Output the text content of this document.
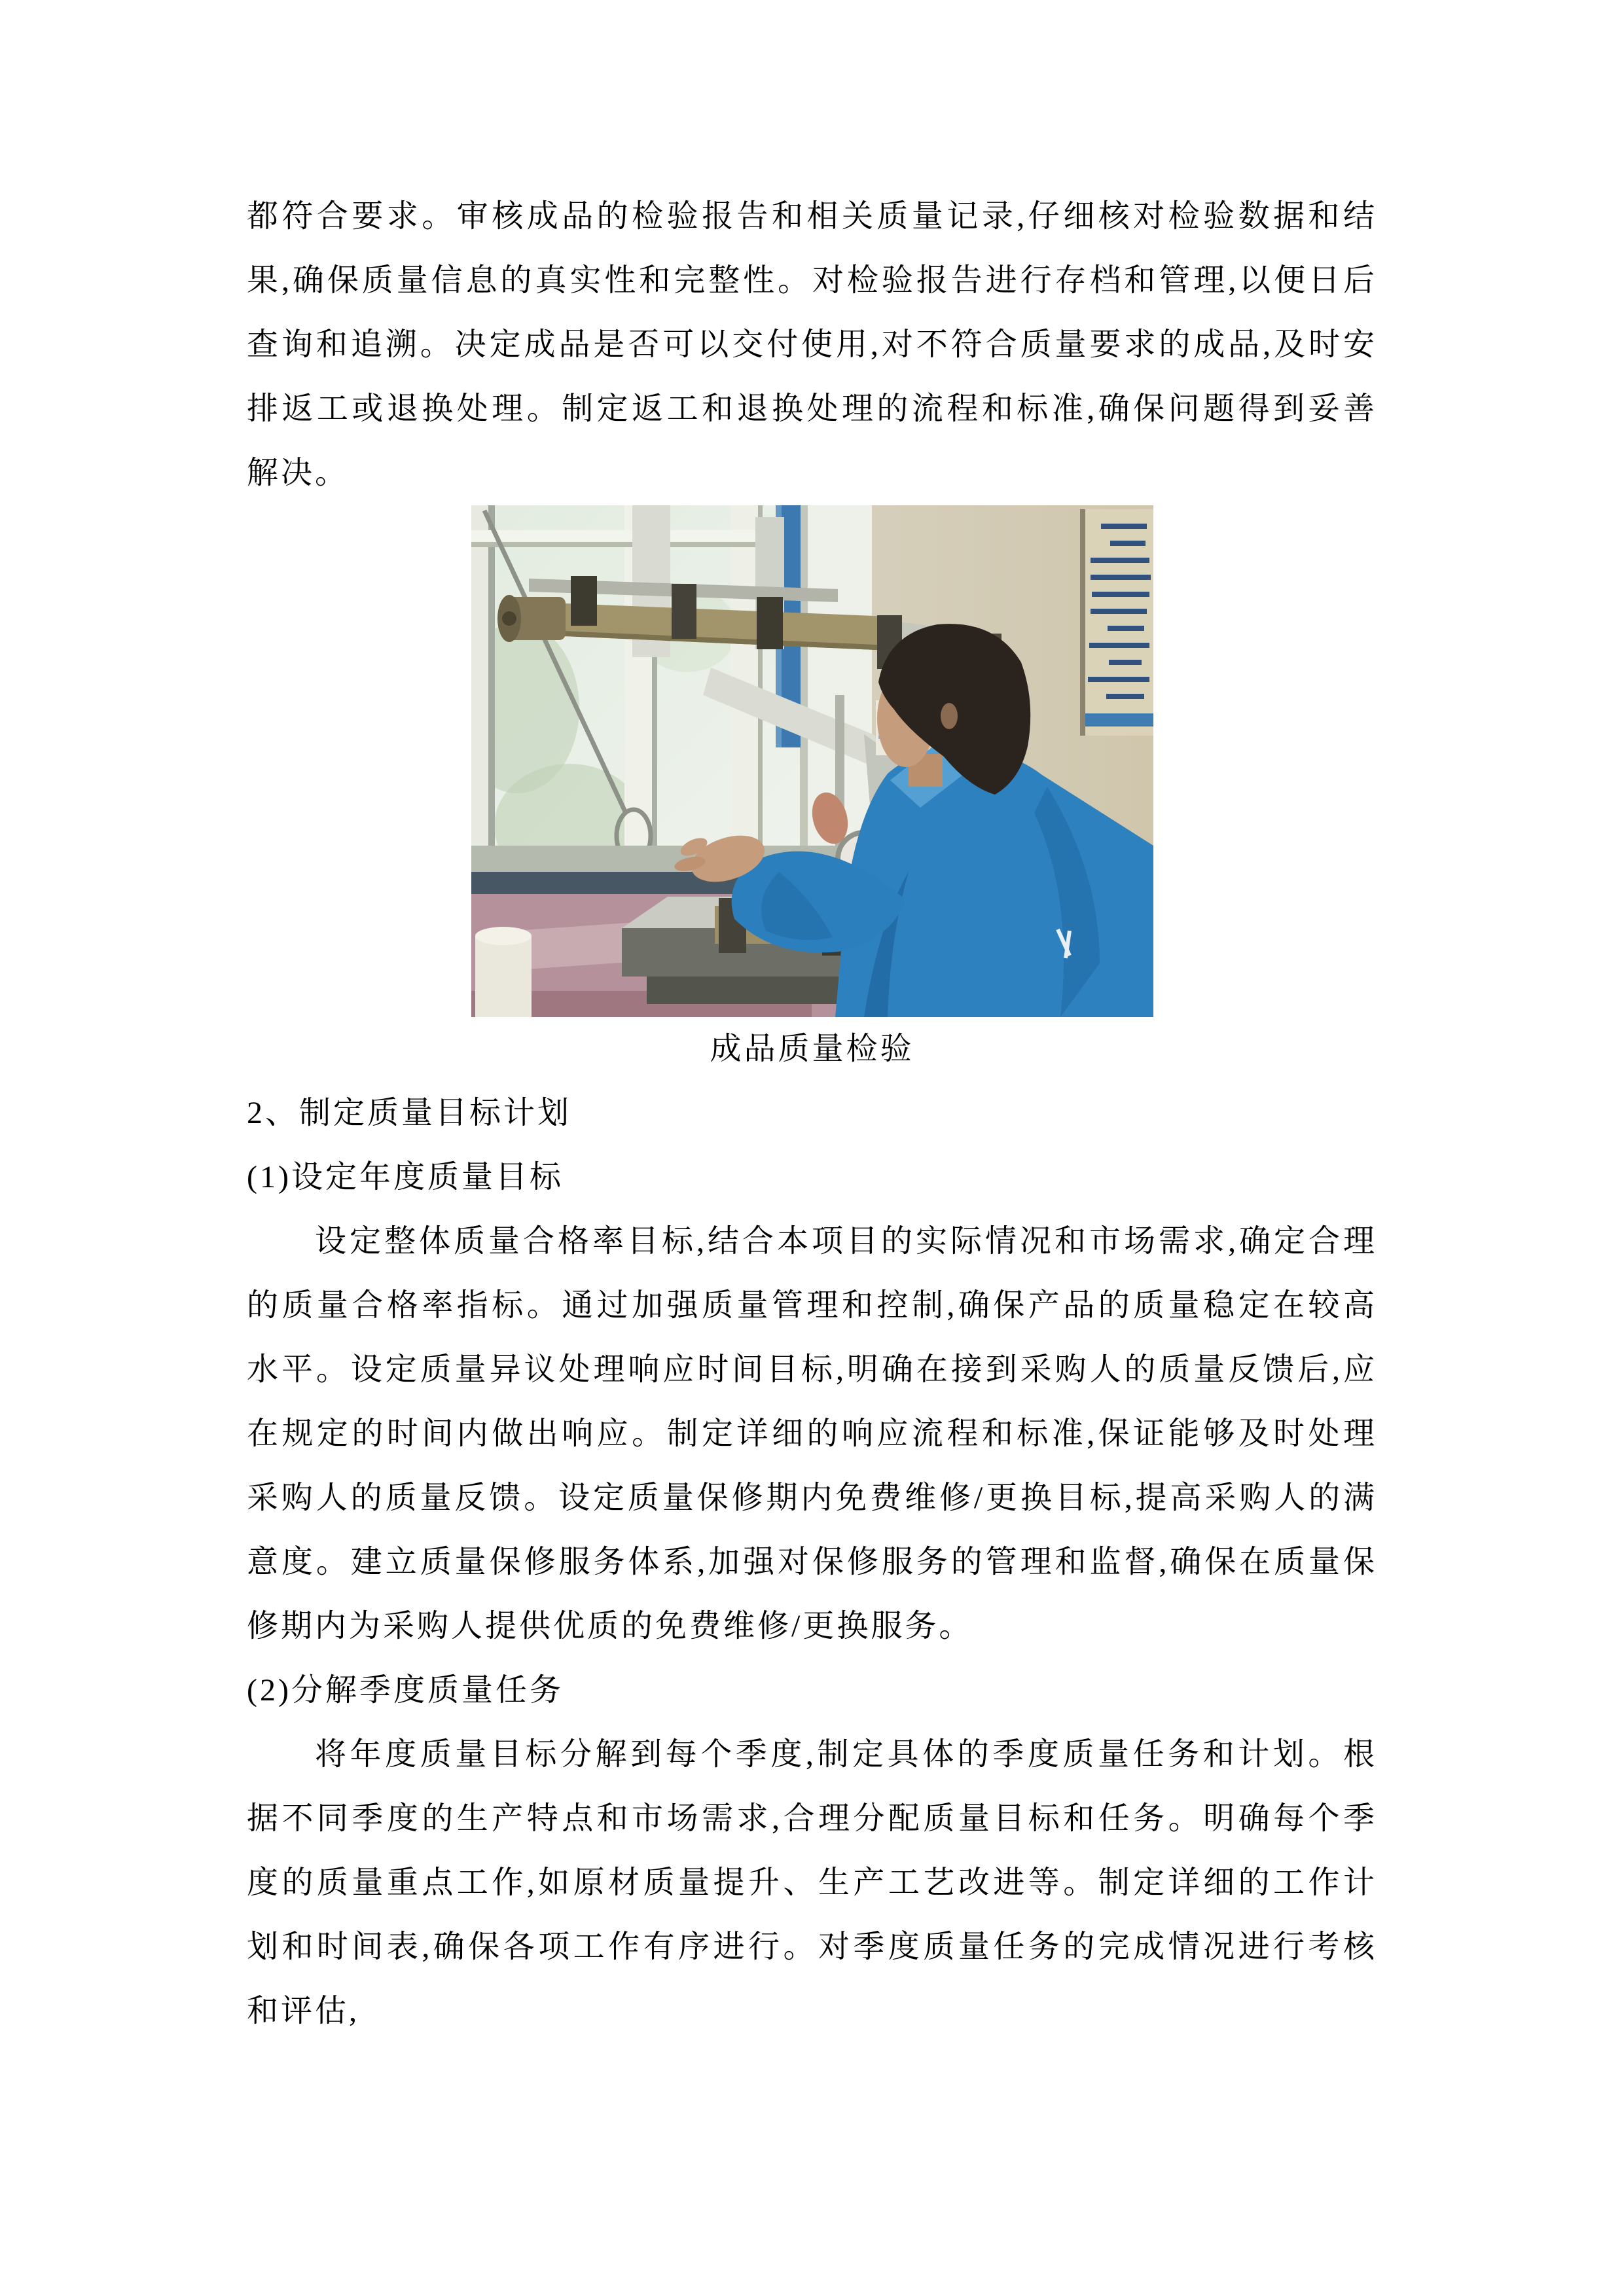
都符合要求。审核成品的检验报告和相关质量记录,仔细核对检验数据和结果,确保质量信息的真实性和完整性。对检验报告进行存档和管理,以便日后查询和追溯。决定成品是否可以交付使用,对不符合质量要求的成品,及时安排返工或退换处理。制定返工和退换处理的流程和标准,确保问题得到妥善解决。

成品质量检验
2、制定质量目标计划
(1)设定年度质量目标

设定整体质量合格率目标,结合本项目的实际情况和市场需求,确定合理的质量合格率指标。通过加强质量管理和控制,确保产品的质量稳定在较高水平。设定质量异议处理响应时间目标,明确在接到采购人的质量反馈后,应在规定的时间内做出响应。制定详细的响应流程和标准,保证能够及时处理采购人的质量反馈。设定质量保修期内免费维修/更换目标,提高采购人的满意度。建立质量保修服务体系,加强对保修服务的管理和监督,确保在质量保修期内为采购人提供优质的免费维修/更换服务。

(2)分解季度质量任务

将年度质量目标分解到每个季度,制定具体的季度质量任务和计划。根据不同季度的生产特点和市场需求,合理分配质量目标和任务。明确每个季度的质量重点工作,如原材质量提升、生产工艺改进等。制定详细的工作计划和时间表,确保各项工作有序进行。对季度质量任务的完成情况进行考核和评估,
